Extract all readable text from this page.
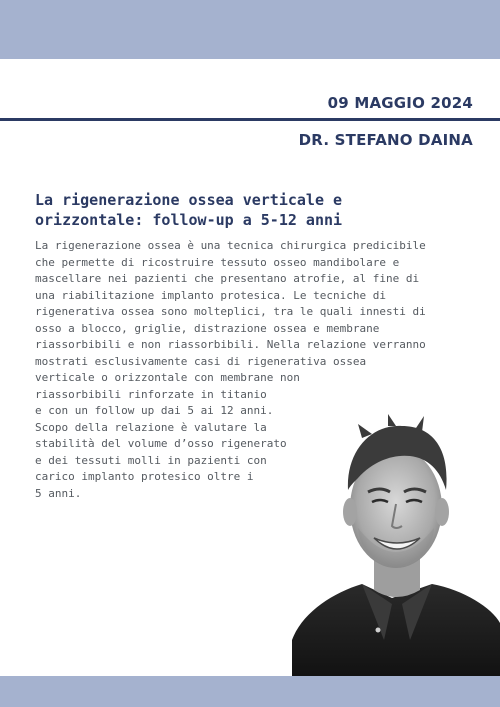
09 MAGGIO 2024
DR. STEFANO DAINA
La rigenerazione ossea verticale e
orizzontale: follow-up a 5-12 anni

La rigenerazione ossea è una tecnica chirurgica predicibile
che permette di ricostruire tessuto osseo mandibolare e
mascellare nei pazienti che presentano atrofie, al fine di
una riabilitazione implanto protesica. Le tecniche di
rigenerativa ossea sono molteplici, tra le quali innesti di
osso a blocco, griglie, distrazione ossea e membrane
riassorbibili e non riassorbibili. Nella relazione verranno
mostrati esclusivamente casi di rigenerativa ossea
verticale o orizzontale con membrane non
riassorbibili rinforzate in titanio
e con un follow up dai 5 ai 12 anni.
Scopo della relazione è valutare la
stabilità del volume d’osso rigenerato
e dei tessuti molli in pazienti con
carico implanto protesico oltre i
5 anni.
